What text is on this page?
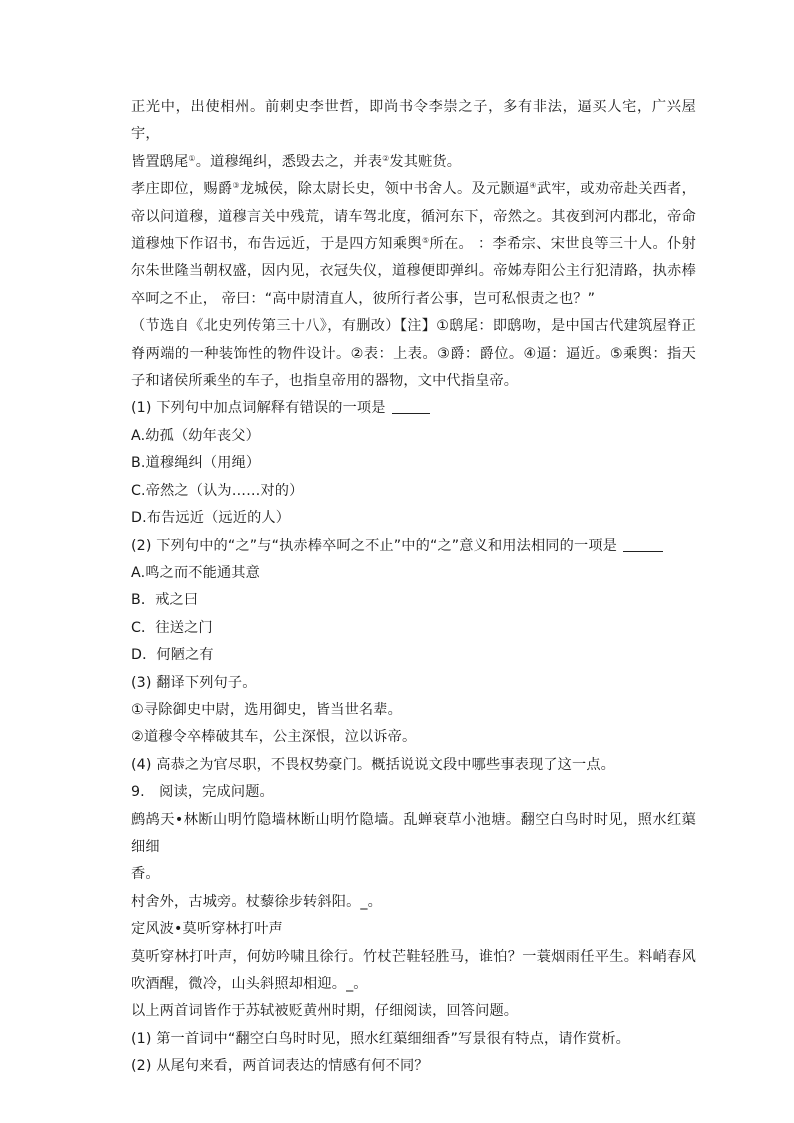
正光中，出使相州。前刺史李世哲，即尚书令李崇之子，多有非法，逼买人宅，广兴屋宇，

皆置鸱尾①。道穆绳纠，悉毁去之，并表②发其赃货。

孝庄即位，赐爵③龙城侯，除太尉长史，领中书舍人。及元颢逼④武牢，或劝帝赴关西者，帝以问道穆，道穆言关中残荒，请车驾北度，循河东下，帝然之。其夜到河内郡北，帝命道穆烛下作诏书，布告远近，于是四方知乘舆⑤所在。 ：李希宗、宋世良等三十人。仆射尔朱世隆当朝权盛，因内见，衣冠失仪，道穆便即弹纠。帝姊寿阳公主行犯清路，执赤棒卒呵之不止， 帝曰：“高中尉清直人，彼所行者公事，岂可私恨责之也？”

（节选自《北史列传第三十八》，有删改）【注】①鸱尾：即鸱吻，是中国古代建筑屋脊正脊两端的一种装饰性的物件设计。②表：上表。③爵：爵位。④逼：逼近。⑤乘舆：指天子和诸侯所乘坐的车子，也指皇帝用的器物，文中代指皇帝。

(1) 下列句中加点词解释有错误的一项是

A.幼孤（幼年丧父）

B.道穆绳纠（用绳）

C.帝然之（认为……对的）

D.布告远近（远近的人）

(2) 下列句中的“之”与“执赤棒卒呵之不止”中的“之”意义和用法相同的一项是

A.鸣之而不能通其意

B．戒之曰

C．往送之门

D．何陋之有

(3) 翻译下列句子。

①寻除御史中尉，选用御史，皆当世名辈。

②道穆令卒棒破其车，公主深恨，泣以诉帝。

(4) 高恭之为官尽职，不畏权势豪门。概括说说文段中哪些事表现了这一点。

9.　阅读，完成问题。

鹧鸪天•林断山明竹隐墙林断山明竹隐墙。乱蝉衰草小池塘。翻空白鸟时时见，照水红蕖细细

香。

村舍外，古城旁。杖藜徐步转斜阳。_。

定风波•莫听穿林打叶声

莫听穿林打叶声，何妨吟啸且徐行。竹杖芒鞋轻胜马，谁怕？一蓑烟雨任平生。料峭春风吹酒醒，微冷，山头斜照却相迎。_。

以上两首词皆作于苏轼被贬黄州时期，仔细阅读，回答问题。

(1) 第一首词中“翻空白鸟时时见，照水红蕖细细香”写景很有特点，请作赏析。

(2) 从尾句来看，两首词表达的情感有何不同？
